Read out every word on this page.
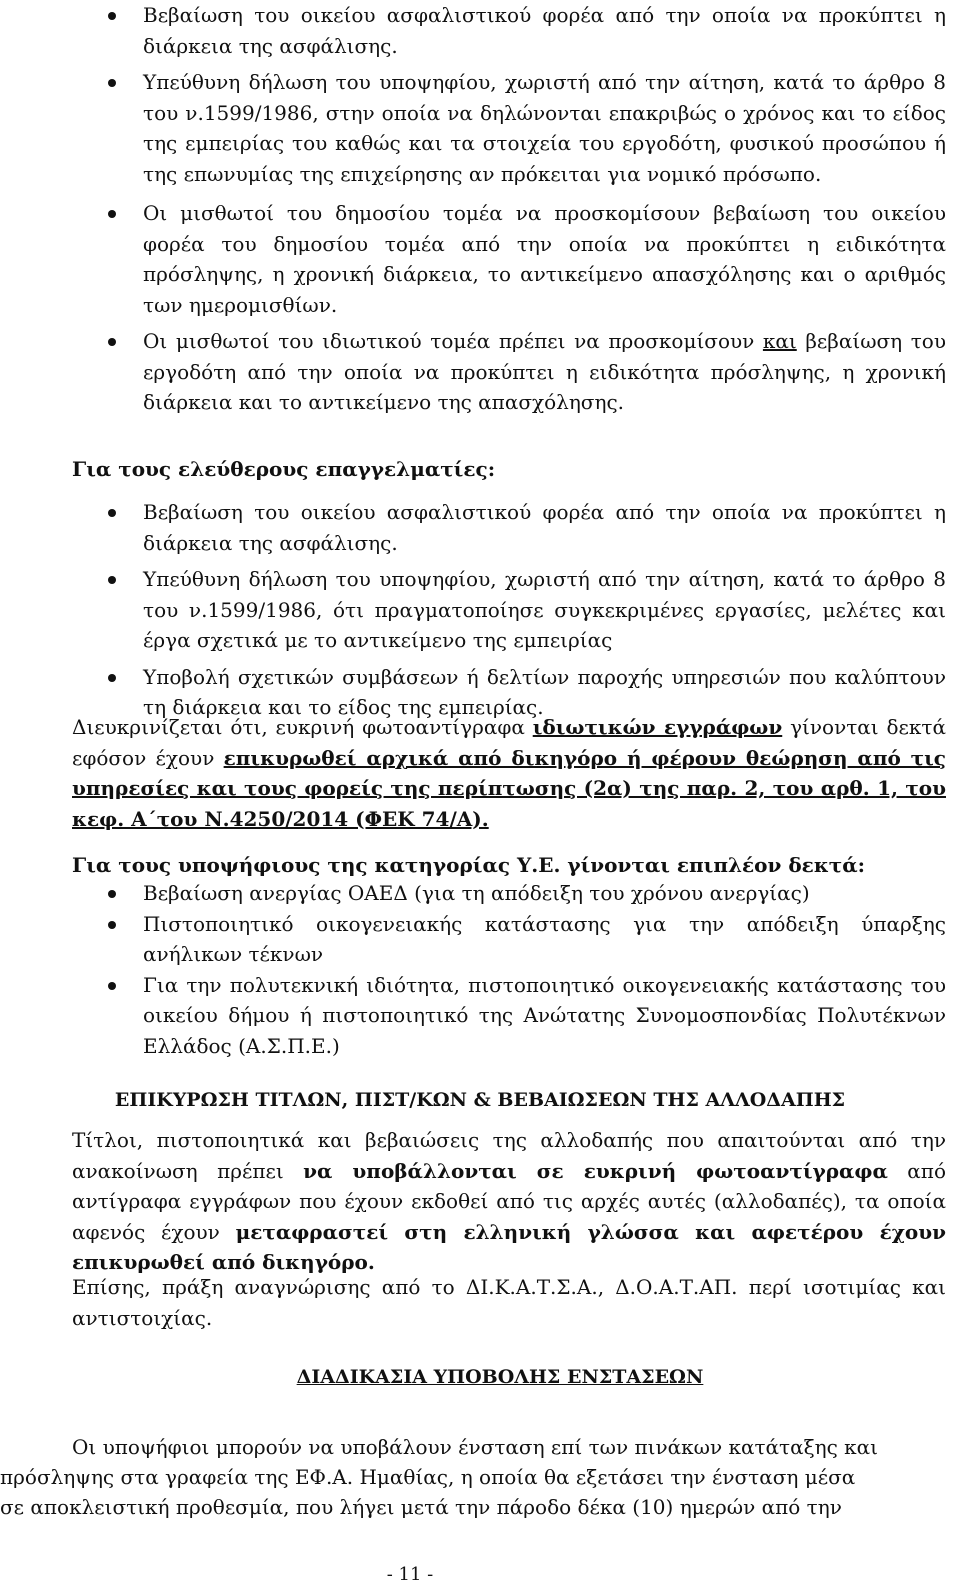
Βεβαίωση του οικείου ασφαλιστικού φορέα από την οποία να προκύπτει η διάρκεια της ασφάλισης.
Υπεύθυνη δήλωση του υποψηφίου, χωριστή από την αίτηση, κατά το άρθρο 8 του ν.1599/1986, στην οποία να δηλώνονται επακριβώς ο χρόνος και το είδος της εμπειρίας του καθώς και τα στοιχεία του εργοδότη, φυσικού προσώπου ή της επωνυμίας της επιχείρησης αν πρόκειται για νομικό πρόσωπο.
Οι μισθωτοί του δημοσίου τομέα να προσκομίσουν βεβαίωση του οικείου φορέα του δημοσίου τομέα από την οποία να προκύπτει η ειδικότητα πρόσληψης, η χρονική διάρκεια, το αντικείμενο απασχόλησης και ο αριθμός των ημερομισθίων.
Οι μισθωτοί του ιδιωτικού τομέα πρέπει να προσκομίσουν και βεβαίωση του εργοδότη από την οποία να προκύπτει η ειδικότητα πρόσληψης, η χρονική διάρκεια και το αντικείμενο της απασχόλησης.
Για τους ελεύθερους επαγγελματίες:
Βεβαίωση του οικείου ασφαλιστικού φορέα από την οποία να προκύπτει η διάρκεια της ασφάλισης.
Υπεύθυνη δήλωση του υποψηφίου, χωριστή από την αίτηση, κατά το άρθρο 8 του ν.1599/1986, ότι πραγματοποίησε συγκεκριμένες εργασίες, μελέτες και έργα σχετικά με το αντικείμενο της εμπειρίας
Υποβολή σχετικών συμβάσεων ή δελτίων παροχής υπηρεσιών που καλύπτουν τη διάρκεια και το είδος της εμπειρίας.
Διευκρινίζεται ότι, ευκρινή φωτοαντίγραφα ιδιωτικών εγγράφων γίνονται δεκτά εφόσον έχουν επικυρωθεί αρχικά από δικηγόρο ή φέρουν θεώρηση από τις υπηρεσίες και τους φορείς της περίπτωσης (2α) της παρ. 2, του αρθ. 1, του κεφ. Α΄του Ν.4250/2014 (ΦΕΚ 74/Α).
Για τους υποψήφιους της κατηγορίας Υ.Ε. γίνονται επιπλέον δεκτά:
Βεβαίωση ανεργίας ΟΑΕΔ (για τη απόδειξη του χρόνου ανεργίας)
Πιστοποιητικό οικογενειακής κατάστασης για την απόδειξη ύπαρξης ανήλικων τέκνων
Για την πολυτεκνική ιδιότητα, πιστοποιητικό οικογενειακής κατάστασης του οικείου δήμου ή πιστοποιητικό της Ανώτατης Συνομοσπονδίας Πολυτέκνων Ελλάδος (Α.Σ.Π.Ε.)
ΕΠΙΚΥΡΩΣΗ ΤΙΤΛΩΝ, ΠΙΣΤ/ΚΩΝ & ΒΕΒΑΙΩΣΕΩΝ ΤΗΣ ΑΛΛΟΔΑΠΗΣ
Τίτλοι, πιστοποιητικά και βεβαιώσεις της αλλοδαπής που απαιτούνται από την ανακοίνωση πρέπει να υποβάλλονται σε ευκρινή φωτοαντίγραφα από αντίγραφα εγγράφων που έχουν εκδοθεί από τις αρχές αυτές (αλλοδαπές), τα οποία αφενός έχουν μεταφραστεί στη ελληνική γλώσσα και αφετέρου έχουν επικυρωθεί από δικηγόρο.
Επίσης, πράξη αναγνώρισης από το ΔΙ.Κ.Α.Τ.Σ.Α., Δ.Ο.Α.Τ.ΑΠ. περί ισοτιμίας και αντιστοιχίας.
ΔΙΑΔΙΚΑΣΙΑ ΥΠΟΒΟΛΗΣ ΕΝΣΤΑΣΕΩΝ
Οι υποψήφιοι μπορούν να υποβάλουν ένσταση επί των πινάκων κατάταξης και
πρόσληψης στα γραφεία της ΕΦ.Α. Ημαθίας, η οποία θα εξετάσει την ένσταση μέσα
σε αποκλειστική προθεσμία, που λήγει μετά την πάροδο δέκα (10) ημερών από την
- 11 -
